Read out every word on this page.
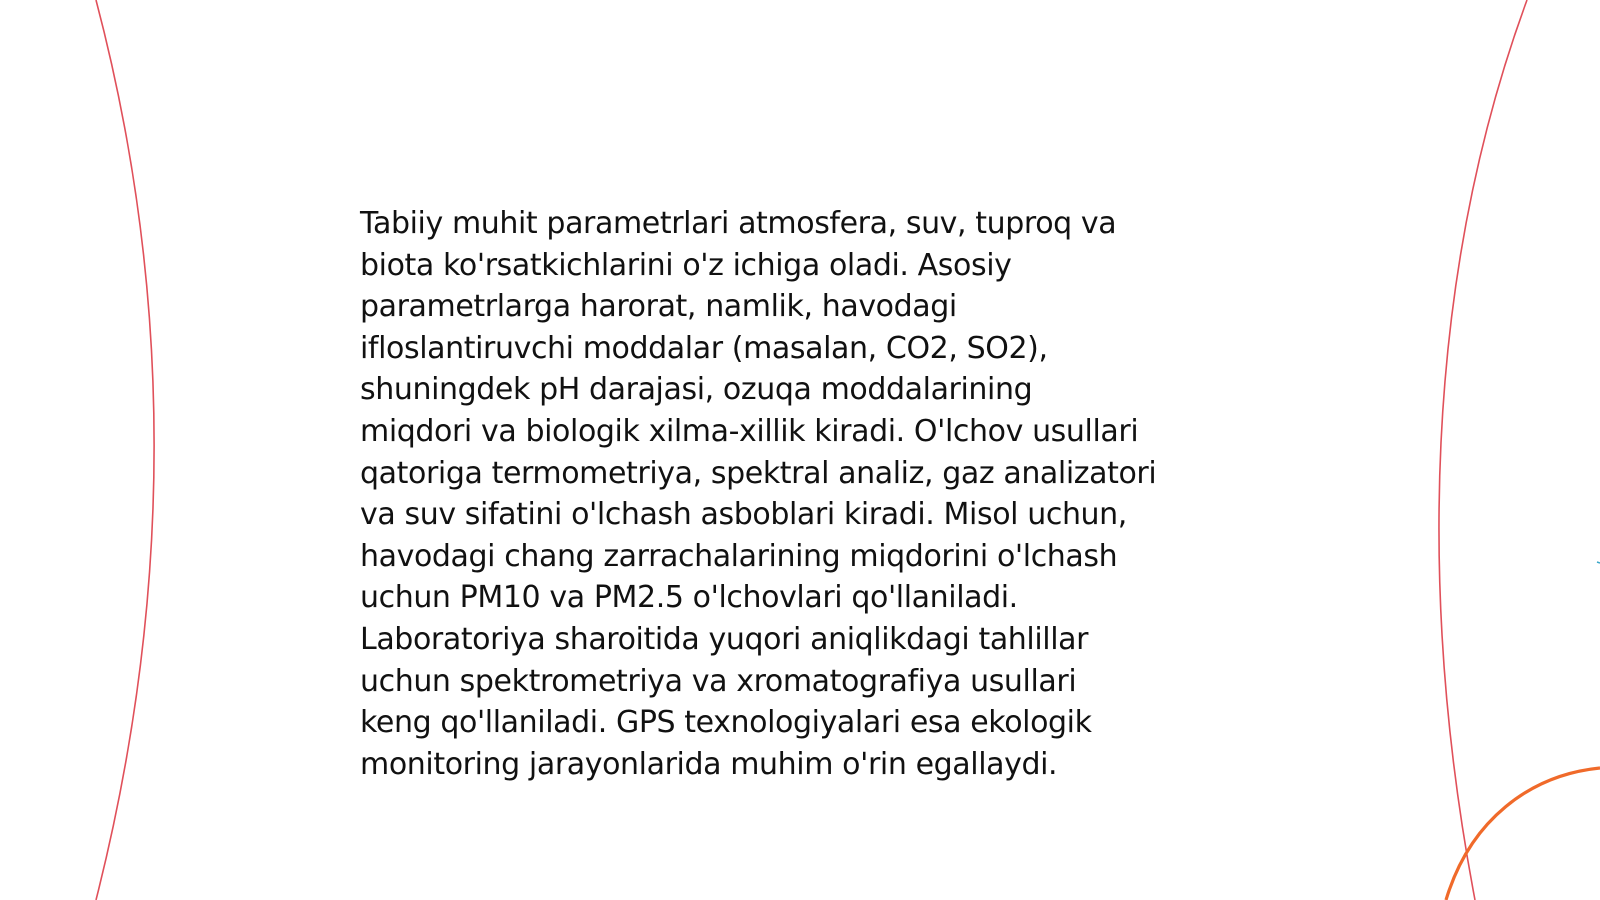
Tabiiy muhit parametrlari atmosfera, suv, tuproq va
biota ko'rsatkichlarini o'z ichiga oladi. Asosiy
parametrlarga harorat, namlik, havodagi
ifloslantiruvchi moddalar (masalan, CO2, SO2),
shuningdek pH darajasi, ozuqa moddalarining
miqdori va biologik xilma-xillik kiradi. O'lchov usullari
qatoriga termometriya, spektral analiz, gaz analizatori
va suv sifatini o'lchash asboblari kiradi. Misol uchun,
havodagi chang zarrachalarining miqdorini o'lchash
uchun PM10 va PM2.5 o'lchovlari qo'llaniladi.
Laboratoriya sharoitida yuqori aniqlikdagi tahlillar
uchun spektrometriya va xromatografiya usullari
keng qo'llaniladi. GPS texnologiyalari esa ekologik
monitoring jarayonlarida muhim o'rin egallaydi.
